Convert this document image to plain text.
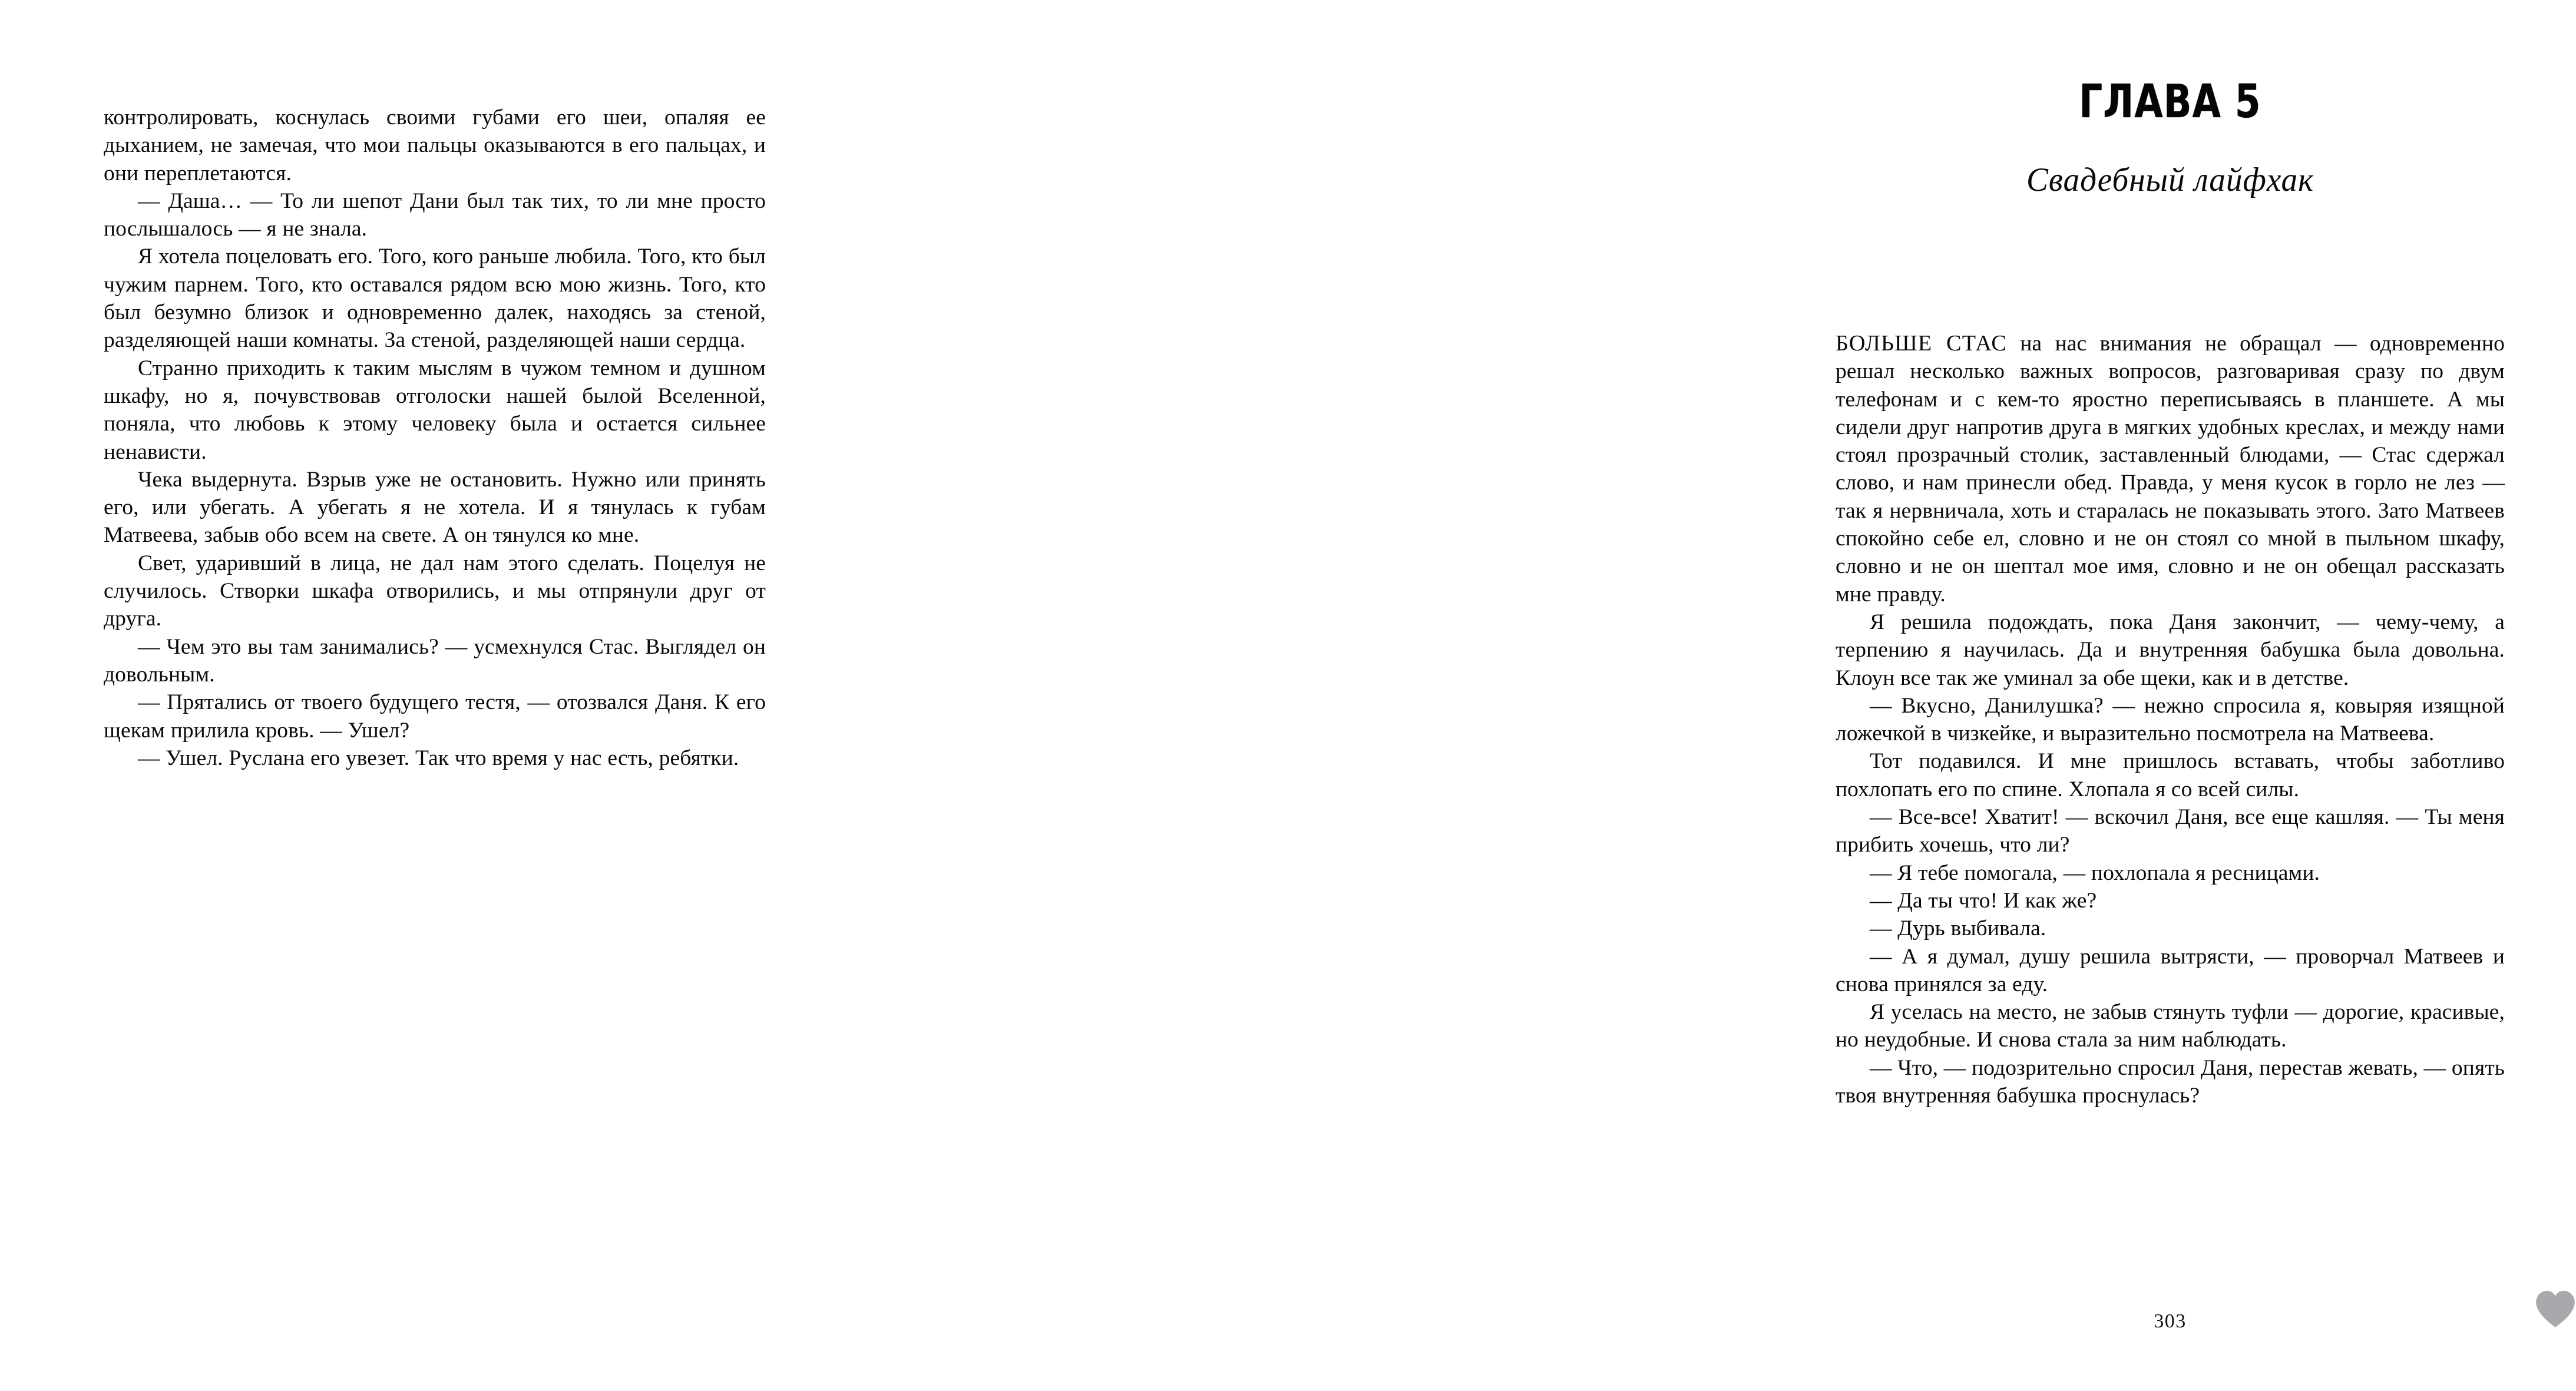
контролировать, коснулась своими губами его шеи, опаляя ее дыханием, не замечая, что мои пальцы оказываются в его пальцах, и они переплетаются.

— Даша… — То ли шепот Дани был так тих, то ли мне просто послышалось — я не знала.

Я хотела поцеловать его. Того, кого раньше любила. Того, кто был чужим парнем. Того, кто оставался рядом всю мою жизнь. Того, кто был безумно близок и одновременно далек, находясь за стеной, разделяющей наши комнаты. За стеной, разделяющей наши сердца.

Странно приходить к таким мыслям в чужом темном и душном шкафу, но я, почувствовав отголоски нашей былой Вселенной, поняла, что любовь к этому человеку была и остается сильнее ненависти.

Чека выдернута. Взрыв уже не остановить. Нужно или принять его, или убегать. А убегать я не хотела. И я тянулась к губам Матвеева, забыв обо всем на свете. А он тянулся ко мне.

Свет, ударивший в лица, не дал нам этого сделать. Поцелуя не случилось. Створки шкафа отворились, и мы отпрянули друг от друга.

— Чем это вы там занимались? — усмехнулся Стас. Выглядел он довольным.

— Прятались от твоего будущего тестя, — отозвался Даня. К его щекам прилила кровь. — Ушел?

— Ушел. Руслана его увезет. Так что время у нас есть, ребятки.

ГЛАВА 5
Свадебный лайфхак

БОЛЬШЕ СТАС на нас внимания не обращал — одновременно решал несколько важных вопросов, разговаривая сразу по двум телефонам и с кем-то яростно переписываясь в планшете. А мы сидели друг напротив друга в мягких удобных креслах, и между нами стоял прозрачный столик, заставленный блюдами, — Стас сдержал слово, и нам принесли обед. Правда, у меня кусок в горло не лез — так я нервничала, хоть и старалась не показывать этого. Зато Матвеев спокойно себе ел, словно и не он стоял со мной в пыльном шкафу, словно и не он шептал мое имя, словно и не он обещал рассказать мне правду.

Я решила подождать, пока Даня закончит, — чему-чему, а терпению я научилась. Да и внутренняя бабушка была довольна. Клоун все так же уминал за обе щеки, как и в детстве.

— Вкусно, Данилушка? — нежно спросила я, ковыряя изящной ложечкой в чизкейке, и выразительно посмотрела на Матвеева.

Тот подавился. И мне пришлось вставать, чтобы заботливо похлопать его по спине. Хлопала я со всей силы.

— Все-все! Хватит! — вскочил Даня, все еще кашляя. — Ты меня прибить хочешь, что ли?

— Я тебе помогала, — похлопала я ресницами.

— Да ты что! И как же?

— Дурь выбивала.

— А я думал, душу решила вытрясти, — проворчал Матвеев и снова принялся за еду.

Я уселась на место, не забыв стянуть туфли — дорогие, красивые, но неудобные. И снова стала за ним наблюдать.

— Что, — подозрительно спросил Даня, перестав жевать, — опять твоя внутренняя бабушка проснулась?

303
